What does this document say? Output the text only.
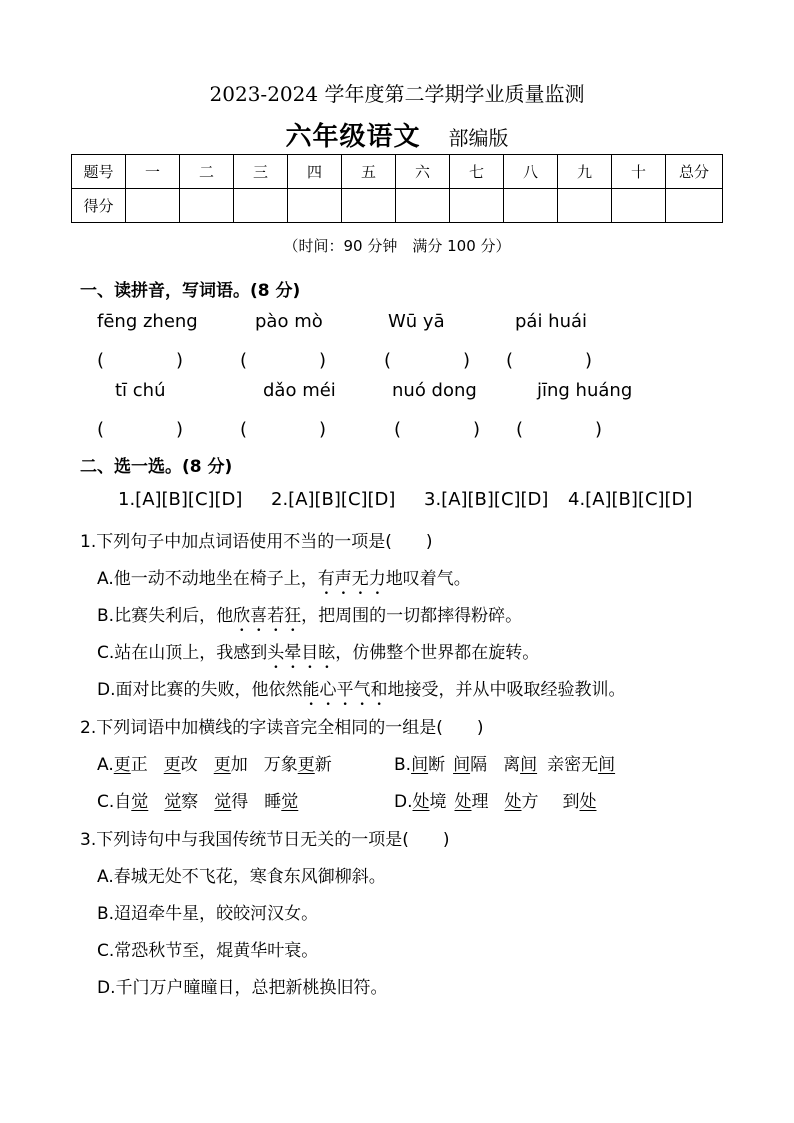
2023-2024 学年度第二学期学业质量监测
六年级语文 部编版
题号	一	二	三	四	五	六	七	八	九	十	总分
得分											
（时间：90 分钟　满分 100 分）
一、读拼音，写词语。(8 分)
fēng zheng	pào mò	Wū yā	pái huái
(　　　　)	(　　　　)	(　　　　) (　　　　)
tī chú	dǎo méi	nuó dong	jīng huáng
(　　　　)	(　　　　)	(　　　　) (　　　　)
二、选一选。(8 分)
1.[A][B][C][D] 2.[A][B][C][D] 3.[A][B][C][D] 4.[A][B][C][D]
1.下列句子中加点词语使用不当的一项是(　　)
A.他一动不动地坐在椅子上，有声无力地叹着气。
B.比赛失利后，他欣喜若狂，把周围的一切都摔得粉碎。
C.站在山顶上，我感到头晕目眩，仿佛整个世界都在旋转。
D.面对比赛的失败，他依然能心平气和地接受，并从中吸取经验教训。
2.下列词语中加横线的字读音完全相同的一组是(　　)
A.更正 更改 更加 万象更新	B.间断 间隔 离间 亲密无间
C.自觉 觉察 觉得 睡觉	D.处境 处理 处方 到处
3.下列诗句中与我国传统节日无关的一项是(　　)
A.春城无处不飞花，寒食东风御柳斜。
B.迢迢牵牛星，皎皎河汉女。
C.常恐秋节至，焜黄华叶衰。
D.千门万户曈曈日，总把新桃换旧符。
